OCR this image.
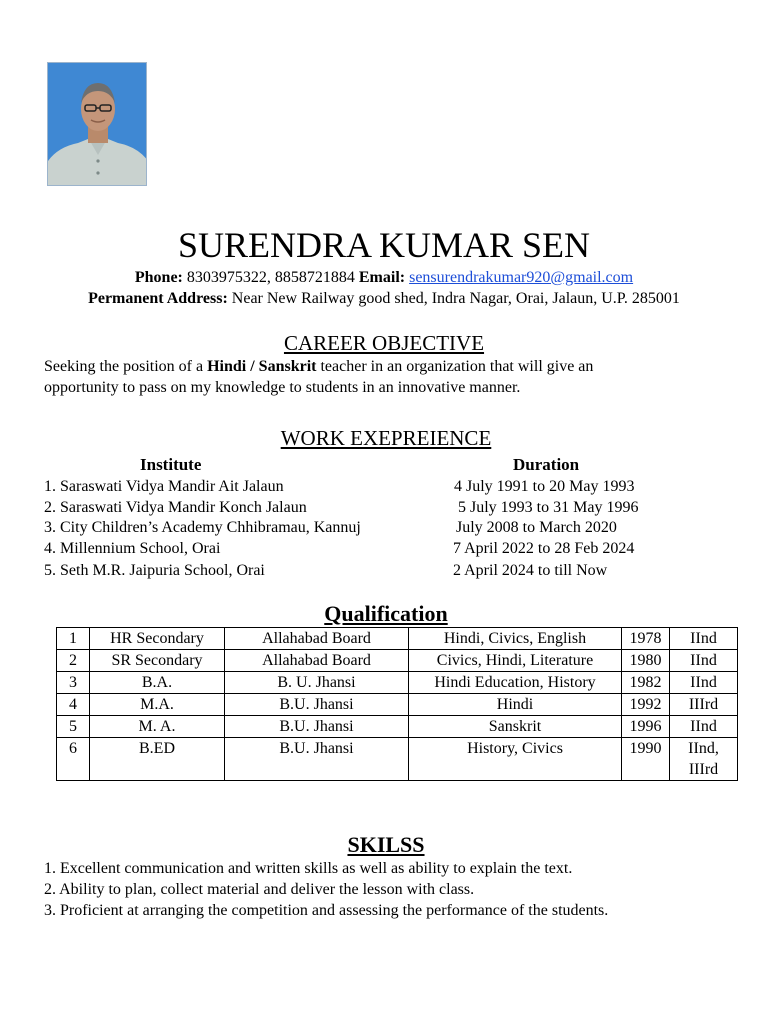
SURENDRA KUMAR SEN
Phone: 8303975322, 8858721884 Email: sensurendrakumar920@gmail.com
Permanent Address: Near New Railway good shed, Indra Nagar, Orai, Jalaun, U.P. 285001
CAREER OBJECTIVE
Seeking the position of a Hindi / Sanskrit teacher in an organization that will give an
opportunity to pass on my knowledge to students in an innovative manner.
WORK EXEPREIENCE
Institute	Duration
1. Saraswati Vidya Mandir Ait Jalaun	4 July 1991 to 20 May 1993
2. Saraswati Vidya Mandir Konch Jalaun	5 July 1993 to 31 May 1996
3. City Children’s Academy Chhibramau, Kannuj	July 2008 to March 2020
4. Millennium School, Orai	7 April 2022 to 28 Feb 2024
5. Seth M.R. Jaipuria School, Orai	2 April 2024 to till Now
Qualification
1	HR Secondary	Allahabad Board	Hindi, Civics, English	1978	IInd
2	SR Secondary	Allahabad Board	Civics, Hindi, Literature	1980	IInd
3	B.A.	B. U. Jhansi	Hindi Education, History	1982	IInd
4	M.A.	B.U. Jhansi	Hindi	1992	IIIrd
5	M. A.	B.U. Jhansi	Sanskrit	1996	IInd
6	B.ED	B.U. Jhansi	History, Civics	1990	IInd,
IIIrd
SKILSS
1. Excellent communication and written skills as well as ability to explain the text.
2. Ability to plan, collect material and deliver the lesson with class.
3. Proficient at arranging the competition and assessing the performance of the students.
